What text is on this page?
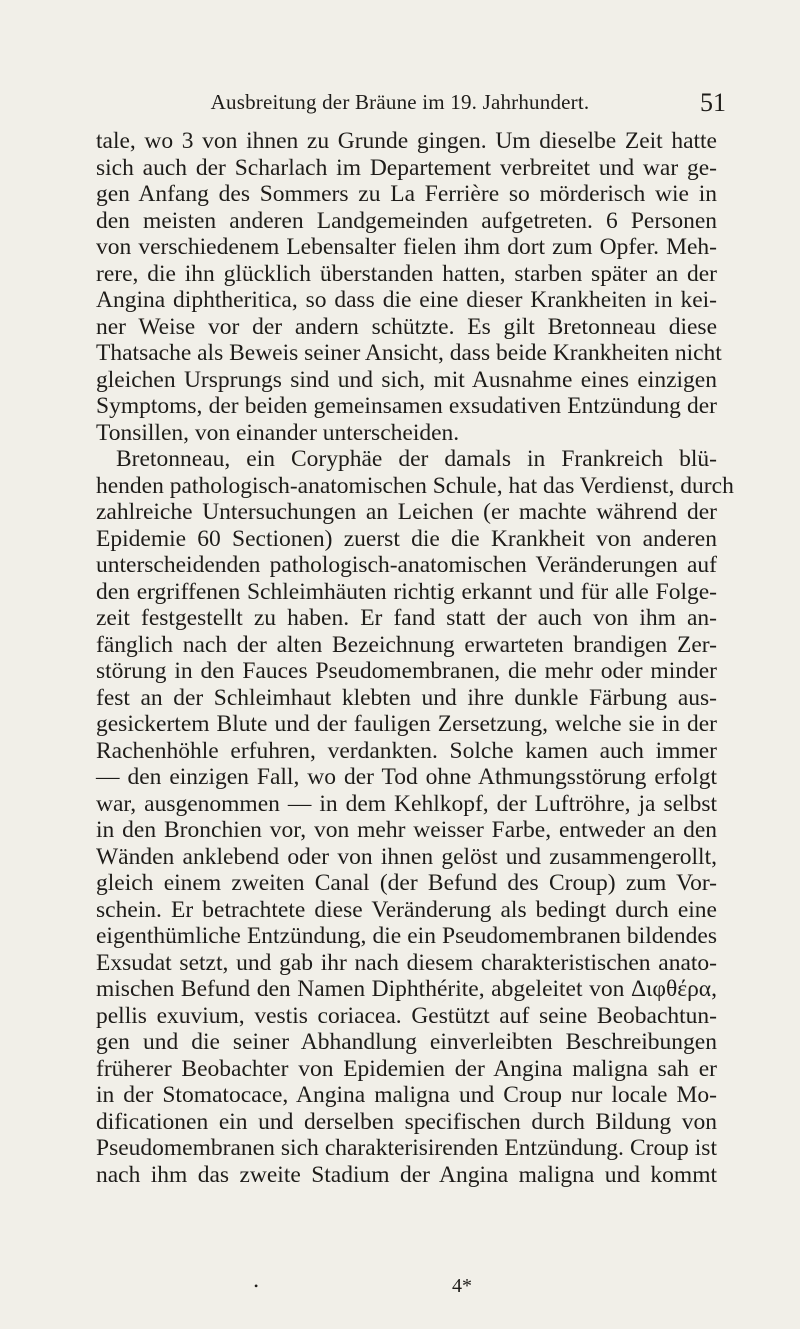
Ausbreitung der Bräune im 19. Jahrhundert.	51
tale, wo 3 von ihnen zu Grunde gingen. Um dieselbe Zeit hatte
sich auch der Scharlach im Departement verbreitet und war ge-
gen Anfang des Sommers zu La Ferrière so mörderisch wie in
den meisten anderen Landgemeinden aufgetreten. 6 Personen
von verschiedenem Lebensalter fielen ihm dort zum Opfer. Meh-
rere, die ihn glücklich überstanden hatten, starben später an der
Angina diphtheritica, so dass die eine dieser Krankheiten in kei-
ner Weise vor der andern schützte. Es gilt Bretonneau diese
Thatsache als Beweis seiner Ansicht, dass beide Krankheiten nicht
gleichen Ursprungs sind und sich, mit Ausnahme eines einzigen
Symptoms, der beiden gemeinsamen exsudativen Entzündung der
Tonsillen, von einander unterscheiden.
Bretonneau, ein Coryphäe der damals in Frankreich blü-
henden pathologisch-anatomischen Schule, hat das Verdienst, durch
zahlreiche Untersuchungen an Leichen (er machte während der
Epidemie 60 Sectionen) zuerst die die Krankheit von anderen
unterscheidenden pathologisch-anatomischen Veränderungen auf
den ergriffenen Schleimhäuten richtig erkannt und für alle Folge-
zeit festgestellt zu haben. Er fand statt der auch von ihm an-
fänglich nach der alten Bezeichnung erwarteten brandigen Zer-
störung in den Fauces Pseudomembranen, die mehr oder minder
fest an der Schleimhaut klebten und ihre dunkle Färbung aus-
gesickertem Blute und der fauligen Zersetzung, welche sie in der
Rachenhöhle erfuhren, verdankten. Solche kamen auch immer
— den einzigen Fall, wo der Tod ohne Athmungsstörung erfolgt
war, ausgenommen — in dem Kehlkopf, der Luftröhre, ja selbst
in den Bronchien vor, von mehr weisser Farbe, entweder an den
Wänden anklebend oder von ihnen gelöst und zusammengerollt,
gleich einem zweiten Canal (der Befund des Croup) zum Vor-
schein. Er betrachtete diese Veränderung als bedingt durch eine
eigenthümliche Entzündung, die ein Pseudomembranen bildendes
Exsudat setzt, und gab ihr nach diesem charakteristischen anato-
mischen Befund den Namen Diphthérite, abgeleitet von Διφθέρα,
pellis exuvium, vestis coriacea. Gestützt auf seine Beobachtun-
gen und die seiner Abhandlung einverleibten Beschreibungen
früherer Beobachter von Epidemien der Angina maligna sah er
in der Stomatocace, Angina maligna und Croup nur locale Mo-
dificationen ein und derselben specifischen durch Bildung von
Pseudomembranen sich charakterisirenden Entzündung. Croup ist
nach ihm das zweite Stadium der Angina maligna und kommt
•	4*
